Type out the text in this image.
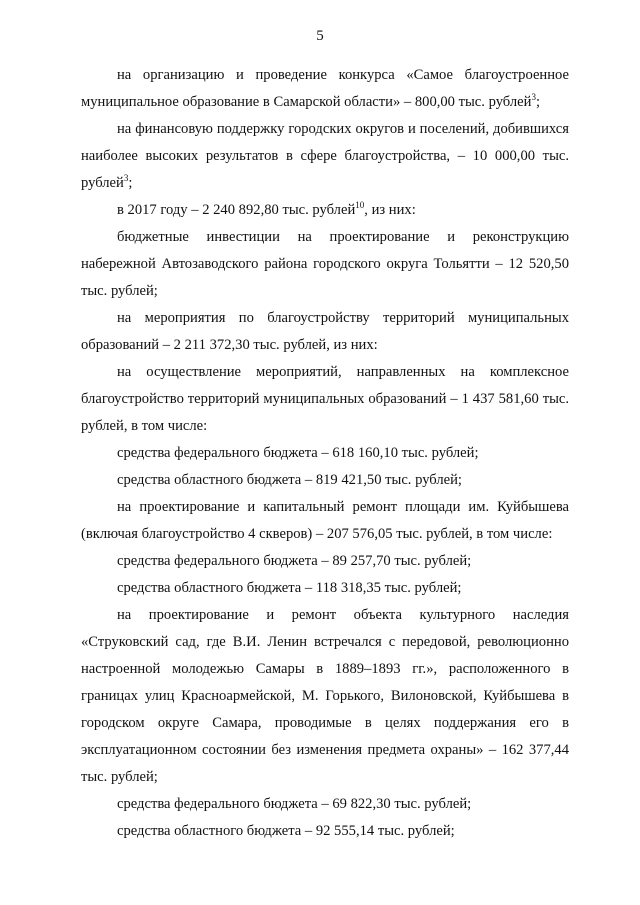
5

на организацию и проведение конкурса «Самое благоустроенное муниципальное образование в Самарской области» – 800,00 тыс. рублей$^3$;

на финансовую поддержку городских округов и поселений, добившихся наиболее высоких результатов в сфере благоустройства, – 10 000,00 тыс. рублей$^3$;

в 2017 году – 2 240 892,80 тыс. рублей$^{10}$, из них:

бюджетные инвестиции на проектирование и реконструкцию набережной Автозаводского района городского округа Тольятти – 12 520,50 тыс. рублей;

на мероприятия по благоустройству территорий муниципальных образований – 2 211 372,30 тыс. рублей, из них:

на осуществление мероприятий, направленных на комплексное благоустройство территорий муниципальных образований – 1 437 581,60 тыс. рублей, в том числе:

средства федерального бюджета – 618 160,10 тыс. рублей;

средства областного бюджета – 819 421,50 тыс. рублей;

на проектирование и капитальный ремонт площади им. Куйбышева (включая благоустройство 4 скверов) – 207 576,05 тыс. рублей, в том числе:

средства федерального бюджета – 89 257,70 тыс. рублей;

средства областного бюджета – 118 318,35 тыс. рублей;

на проектирование и ремонт объекта культурного наследия «Струковский сад, где В.И. Ленин встречался с передовой, революционно настроенной молодежью Самары в 1889–1893 гг.», расположенного в границах улиц Красноармейской, М. Горького, Вилоновской, Куйбышева в городском округе Самара, проводимые в целях поддержания его в эксплуатационном состоянии без изменения предмета охраны» – 162 377,44 тыс. рублей;

средства федерального бюджета – 69 822,30 тыс. рублей;

средства областного бюджета – 92 555,14 тыс. рублей;
